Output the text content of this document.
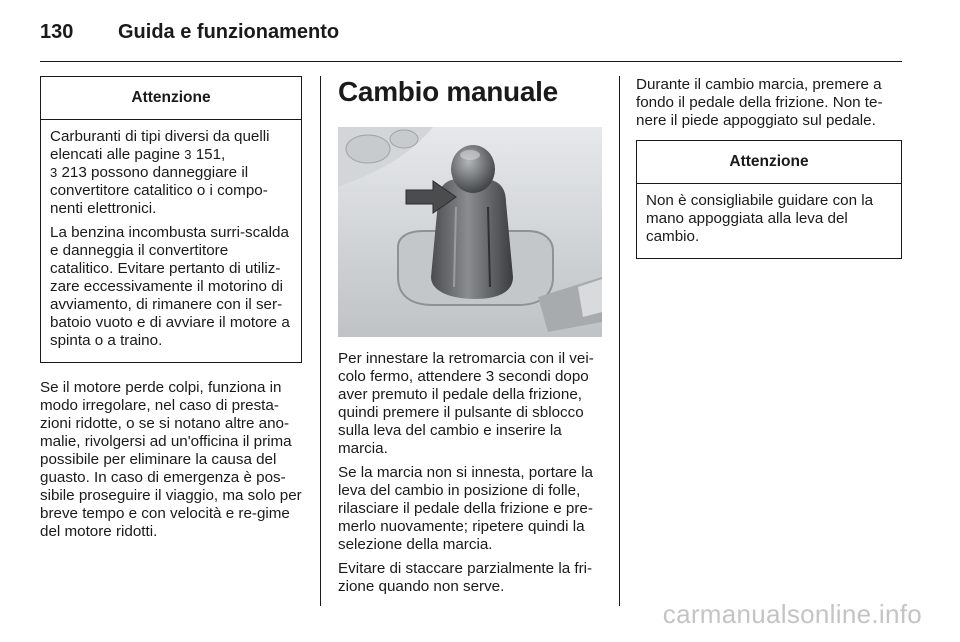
130	Guida e funzionamento
Attenzione

Carburanti di tipi diversi da quelli elencati alle pagine 3 151,
3 213 possono danneggiare il convertitore catalitico o i compo-nenti elettronici.

La benzina incombusta surri-scalda e danneggia il convertitore catalitico. Evitare pertanto di utiliz-zare eccessivamente il motorino di avviamento, di rimanere con il ser-batoio vuoto e di avviare il motore a spinta o a traino.

Se il motore perde colpi, funziona in modo irregolare, nel caso di presta-zioni ridotte, o se si notano altre ano-malie, rivolgersi ad un'officina il prima possibile per eliminare la causa del guasto. In caso di emergenza è pos-sibile proseguire il viaggio, ma solo per breve tempo e con velocità e re-gime del motore ridotti.

Cambio manuale

Per innestare la retromarcia con il vei-colo fermo, attendere 3 secondi dopo aver premuto il pedale della frizione, quindi premere il pulsante di sblocco sulla leva del cambio e inserire la marcia.

Se la marcia non si innesta, portare la leva del cambio in posizione di folle, rilasciare il pedale della frizione e pre-merlo nuovamente; ripetere quindi la selezione della marcia.

Evitare di staccare parzialmente la fri-zione quando non serve.

Durante il cambio marcia, premere a fondo il pedale della frizione. Non te-nere il piede appoggiato sul pedale.

Attenzione

Non è consigliabile guidare con la mano appoggiata alla leva del cambio.

carmanualsonline.info
